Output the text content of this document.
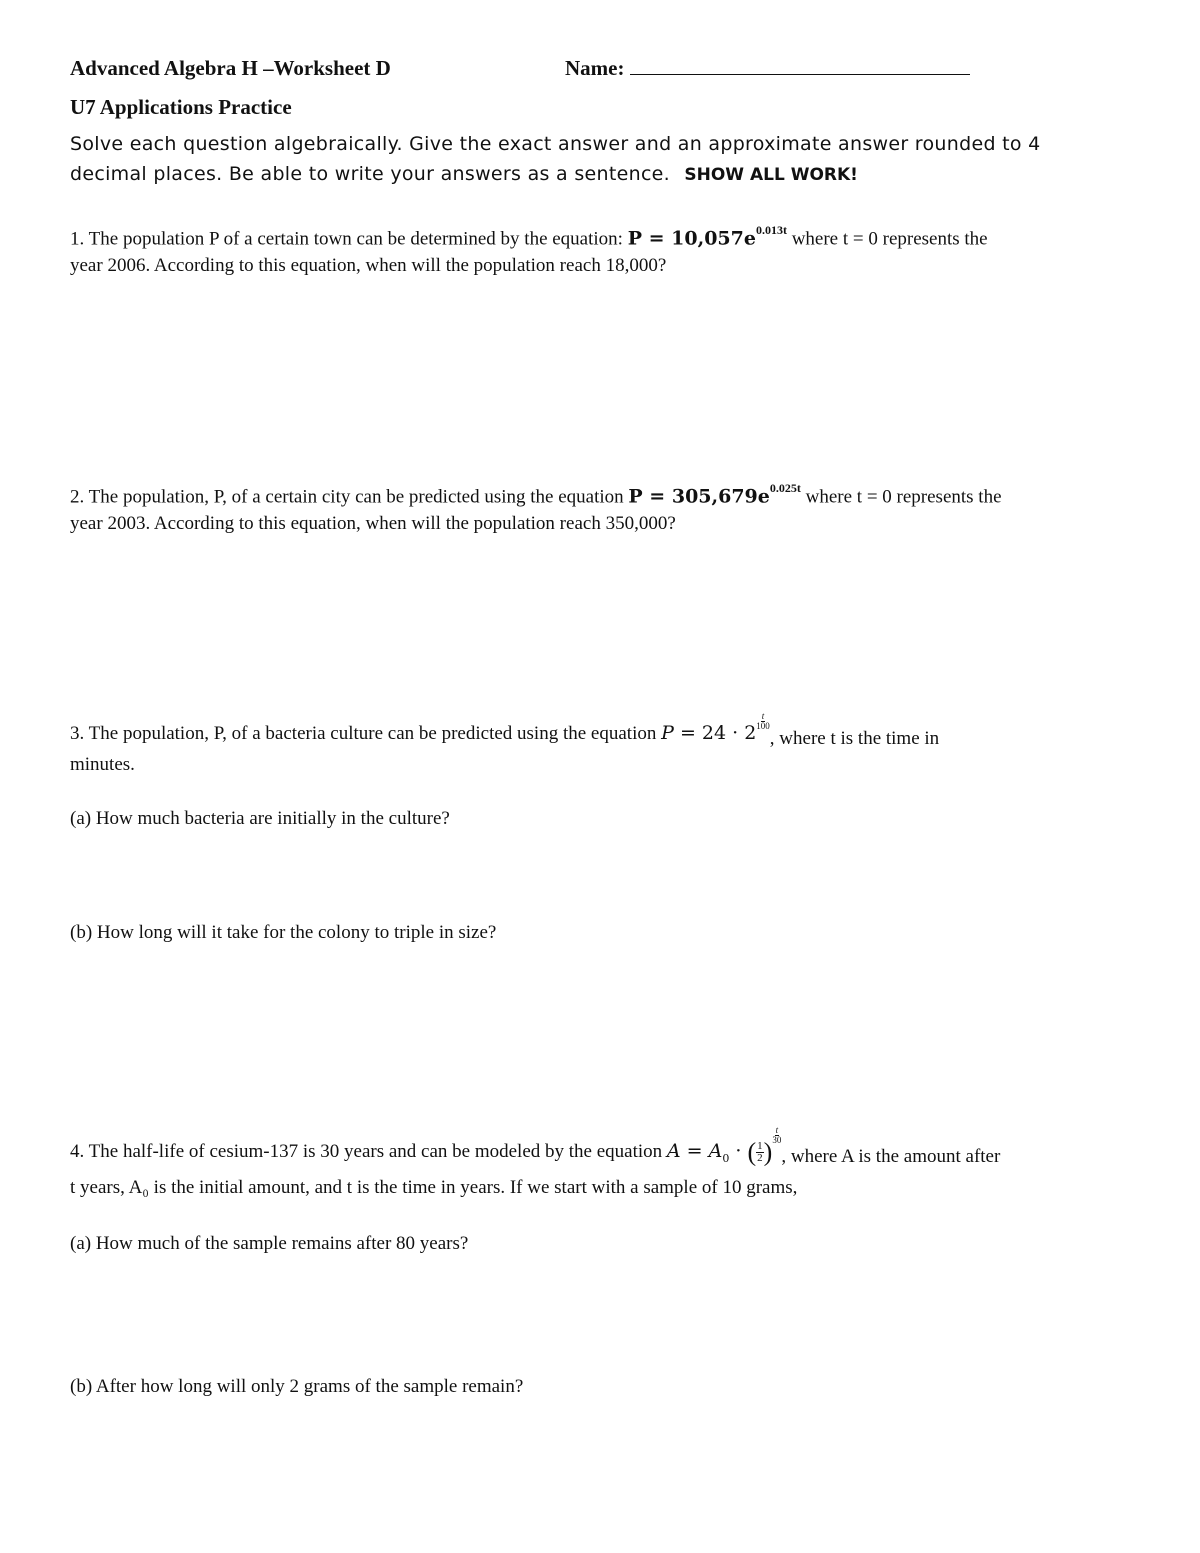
Advanced Algebra H –Worksheet D	Name:
U7 Applications Practice
Solve each question algebraically. Give the exact answer and an approximate answer rounded to 4
decimal places. Be able to write your answers as a sentence. SHOW ALL WORK!
1. The population P of a certain town can be determined by the equation: $P = 10,057e^{0.013t}$ where t = 0 represents the
year 2006. According to this equation, when will the population reach 18,000?
2. The population, P, of a certain city can be predicted using the equation $P = 305,679e^{0.025t}$ where t = 0 represents the
year 2003. According to this equation, when will the population reach 350,000?
3. The population, P, of a bacteria culture can be predicted using the equation P = 24 · 2
$\frac{t}{100}$
, where t is the time in
minutes.
(a) How much bacteria are initially in the culture?
(b) How long will it take for the colony to triple in size?
4. The half-life of cesium-137 is 30 years and can be modeled by the equation $A = A_0$ · ( $\frac{1}{2}$ )
$\frac{t}{30}$
, where A is the amount after
t years, A₀ is the initial amount, and t is the time in years. If we start with a sample of 10 grams,
(a) How much of the sample remains after 80 years?
(b) After how long will only 2 grams of the sample remain?
